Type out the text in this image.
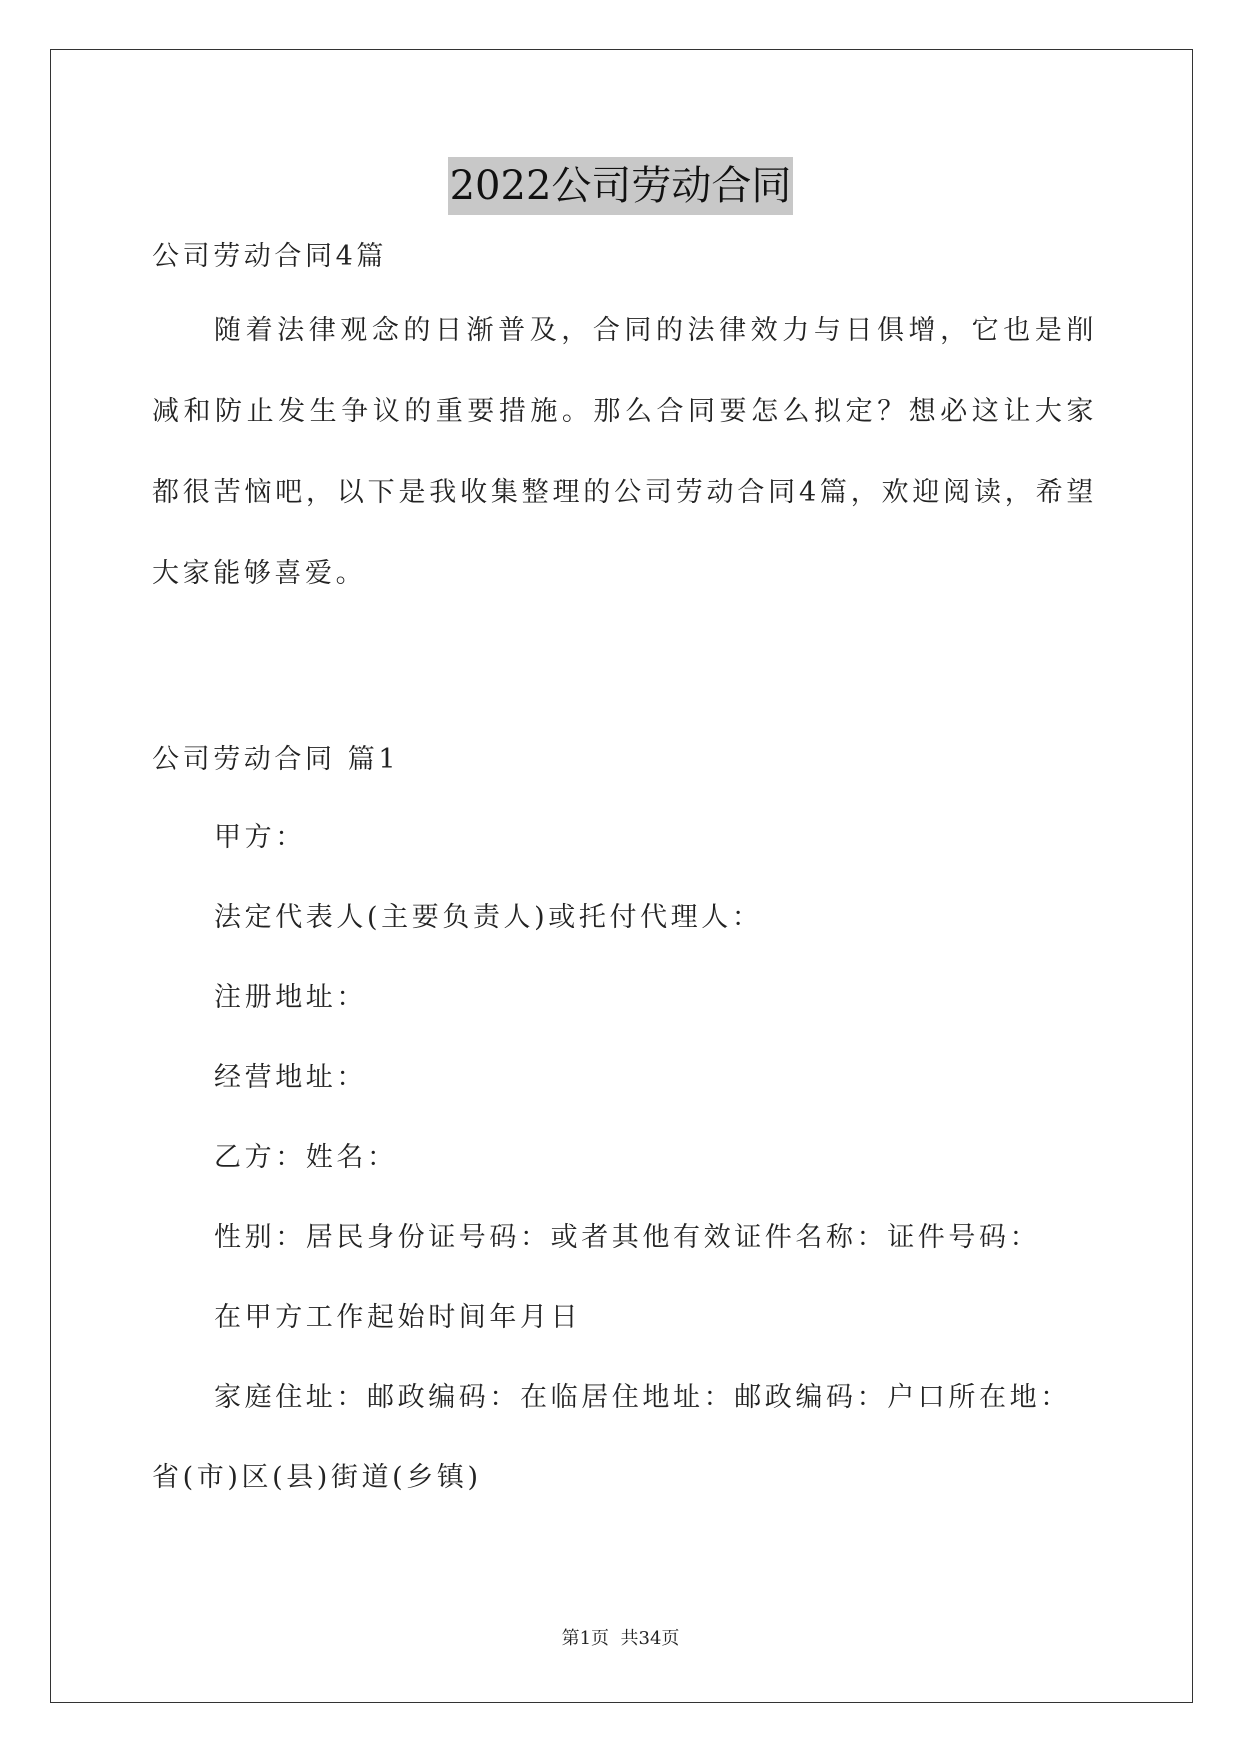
2022公司劳动合同
公司劳动合同4篇
随着法律观念的日渐普及，合同的法律效力与日俱增，它也是削减和防止发生争议的重要措施。那么合同要怎么拟定？想必这让大家都很苦恼吧，以下是我收集整理的公司劳动合同4篇，欢迎阅读，希望大家能够喜爱。
公司劳动合同 篇1
甲方：
法定代表人(主要负责人)或托付代理人：
注册地址：
经营地址：
乙方：姓名：
性别：居民身份证号码：或者其他有效证件名称：证件号码：
在甲方工作起始时间年月日
家庭住址：邮政编码：在临居住地址：邮政编码：户口所在地：
省(市)区(县)街道(乡镇)
第1页  共34页
